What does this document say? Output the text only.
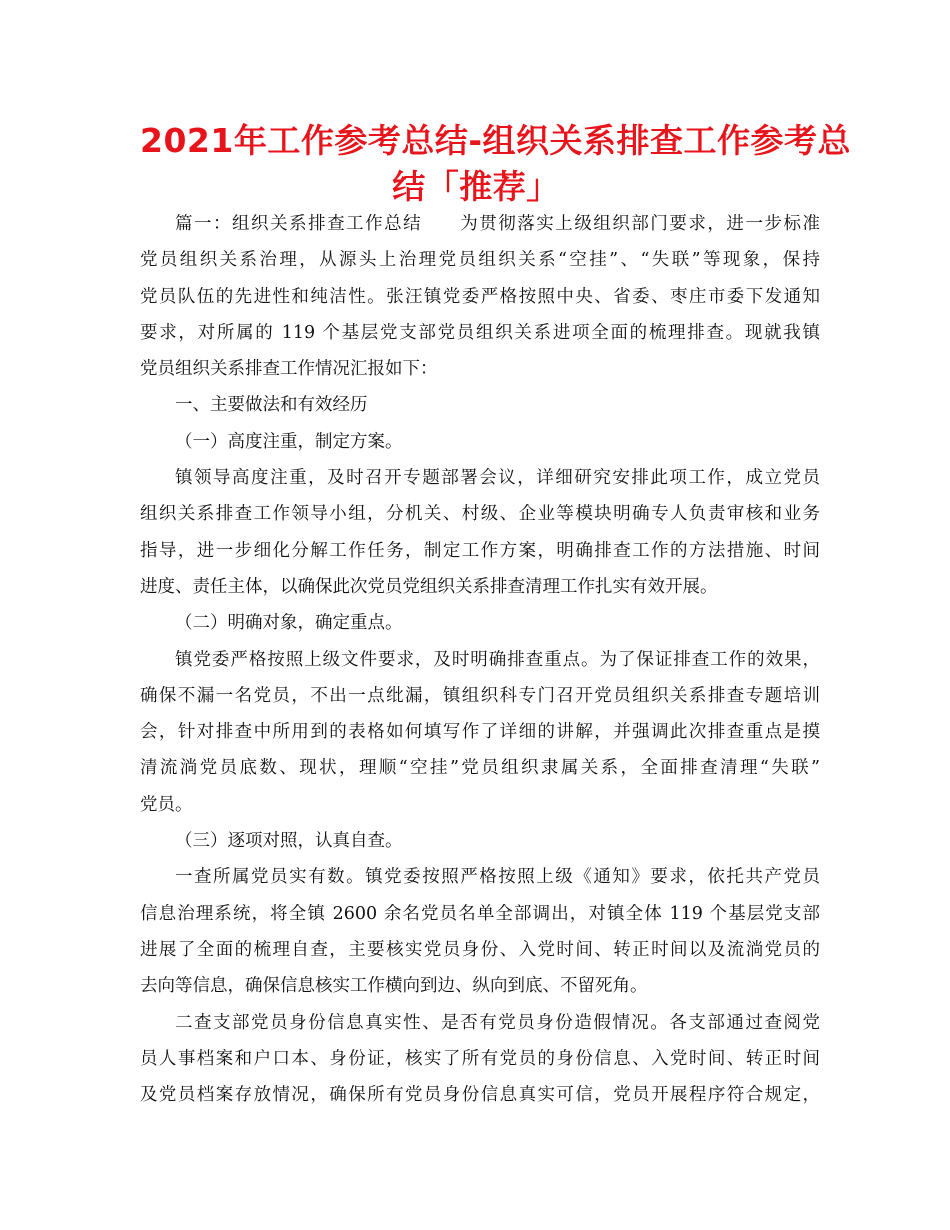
2021年工作参考总结-组织关系排查工作参考总
结「推荐」
篇一：组织关系排查工作总结　　为贯彻落实上级组织部门要求，进一步标准
党员组织关系治理，从源头上治理党员组织关系“空挂”、“失联”等现象，保持
党员队伍的先进性和纯洁性。张汪镇党委严格按照中央、省委、枣庄市委下发通知
要求，对所属的 119 个基层党支部党员组织关系进项全面的梳理排查。现就我镇
党员组织关系排查工作情况汇报如下：
一、主要做法和有效经历
（一）高度注重，制定方案。
镇领导高度注重，及时召开专题部署会议，详细研究安排此项工作，成立党员
组织关系排查工作领导小组，分机关、村级、企业等模块明确专人负责审核和业务
指导，进一步细化分解工作任务，制定工作方案，明确排查工作的方法措施、时间
进度、责任主体，以确保此次党员党组织关系排查清理工作扎实有效开展。
（二）明确对象，确定重点。
镇党委严格按照上级文件要求，及时明确排查重点。为了保证排查工作的效果，
确保不漏一名党员，不出一点纰漏，镇组织科专门召开党员组织关系排查专题培训
会，针对排查中所用到的表格如何填写作了详细的讲解，并强调此次排查重点是摸
清流淌党员底数、现状，理顺“空挂”党员组织隶属关系，全面排查清理“失联”
党员。
（三）逐项对照，认真自查。
一查所属党员实有数。镇党委按照严格按照上级《通知》要求，依托共产党员
信息治理系统，将全镇 2600 余名党员名单全部调出，对镇全体 119 个基层党支部
进展了全面的梳理自查，主要核实党员身份、入党时间、转正时间以及流淌党员的
去向等信息，确保信息核实工作横向到边、纵向到底、不留死角。
二查支部党员身份信息真实性、是否有党员身份造假情况。各支部通过查阅党
员人事档案和户口本、身份证，核实了所有党员的身份信息、入党时间、转正时间
及党员档案存放情况，确保所有党员身份信息真实可信，党员开展程序符合规定，
